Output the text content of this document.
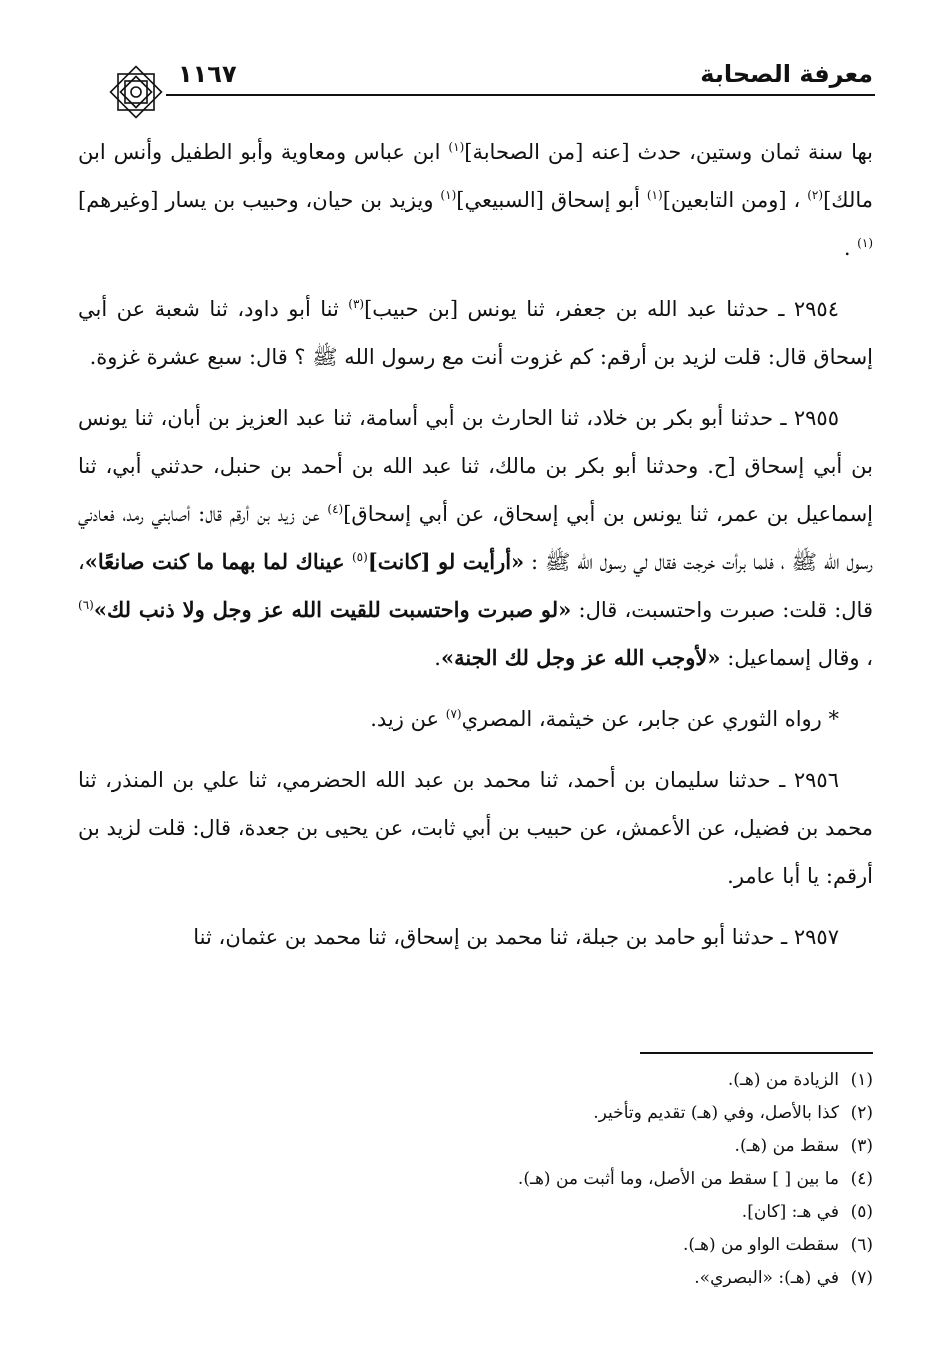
معرفة الصحابة
١١٦٧

بها سنة ثمان وستين، حدث [عنه [من الصحابة]$^{(١)}$ ابن عباس ومعاوية وأبو الطفيل وأنس ابن مالك]$^{(٢)}$ ، [ومن التابعين]$^{(١)}$ أبو إسحاق [السبيعي]$^{(١)}$ ويزيد بن حيان، وحبيب بن يسار [وغيرهم]$^{(١)}$ .

٢٩٥٤ ـ حدثنا عبد الله بن جعفر، ثنا يونس [بن حبيب]$^{(٣)}$ ثنا أبو داود، ثنا شعبة عن أبي إسحاق قال: قلت لزيد بن أرقم: كم غزوت أنت مع رسول الله ﷺ ؟ قال: سبع عشرة غزوة.

٢٩٥٥ ـ حدثنا أبو بكر بن خلاد، ثنا الحارث بن أبي أسامة، ثنا عبد العزيز بن أبان، ثنا يونس بن أبي إسحاق [ح. وحدثنا أبو بكر بن مالك، ثنا عبد الله بن أحمد بن حنبل، حدثني أبي، ثنا إسماعيل بن عمر، ثنا يونس بن أبي إسحاق، عن أبي إسحاق]$^{(٤)}$ عن زيد بن أرقم قال: أصابني رمد، فعادني رسول الله ﷺ ، فلما برأت خرجت فقال لي رسول الله ﷺ : «أرأيت لو [كانت]$^{(٥)}$ عيناك لما بهما ما كنت صانعًا»، قال: قلت: صبرت واحتسبت، قال: «لو صبرت واحتسبت للقيت الله عز وجل ولا ذنب لك»$^{(٦)}$ ، وقال إسماعيل: «لأوجب الله عز وجل لك الجنة».

* رواه الثوري عن جابر، عن خيثمة، المصري$^{(٧)}$ عن زيد.

٢٩٥٦ ـ حدثنا سليمان بن أحمد، ثنا محمد بن عبد الله الحضرمي، ثنا علي بن المنذر، ثنا محمد بن فضيل، عن الأعمش، عن حبيب بن أبي ثابت، عن يحيى بن جعدة، قال: قلت لزيد بن أرقم: يا أبا عامر.

٢٩٥٧ ـ حدثنا أبو حامد بن جبلة، ثنا محمد بن إسحاق، ثنا محمد بن عثمان، ثنا

(١)الزيادة من (هـ).
(٢)كذا بالأصل، وفي (هـ) تقديم وتأخير.
(٣)سقط من (هـ).
(٤)ما بين [ ] سقط من الأصل، وما أثبت من (هـ).
(٥)في هـ: [كان].
(٦)سقطت الواو من (هـ).
(٧)في (هـ): «البصري».
